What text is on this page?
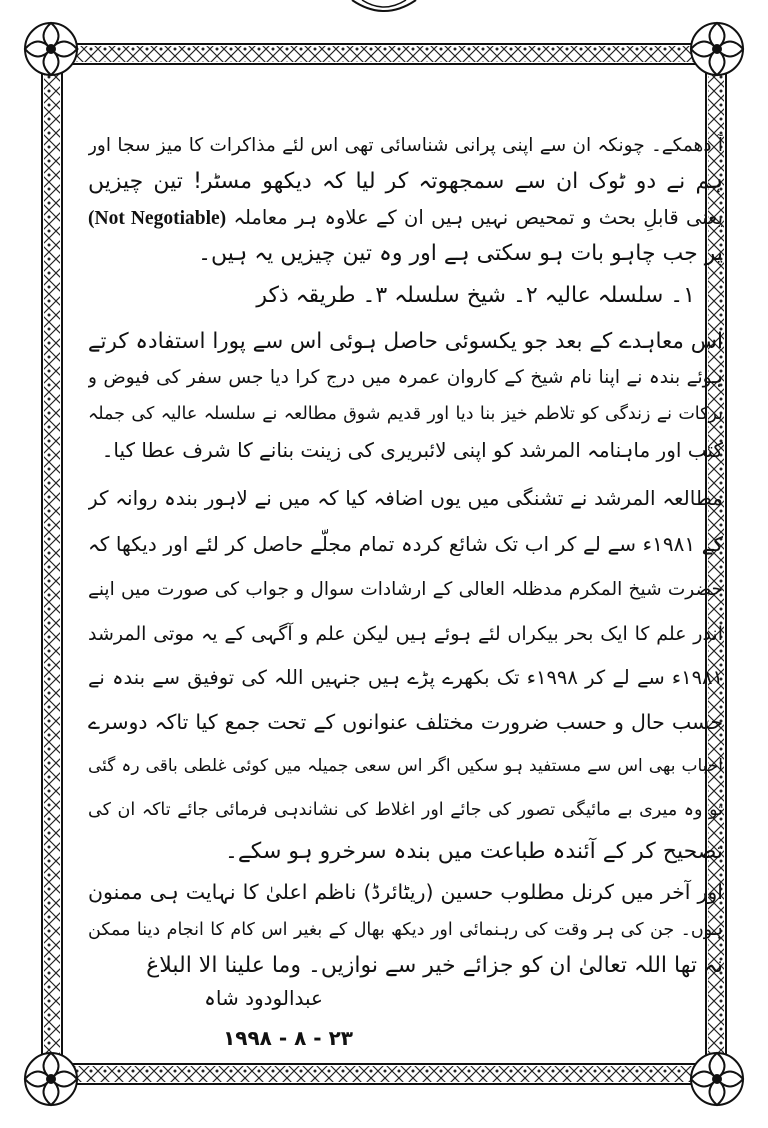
آ دھمکے۔ چونکہ ان سے اپنی پرانی شناسائی تھی اس لئے مذاکرات کا میز سجا اور
ہم نے دو ٹوک ان سے سمجھوتہ کر لیا کہ دیکھو مسٹر! تین چیزیں
یعنی قابلِ بحث و تمحیص نہیں ہیں ان کے علاوہ ہر معاملہ (Not Negotiable)
پر جب چاہو بات ہو سکتی ہے اور وہ تین چیزیں یہ ہیں۔
۱۔ سلسلہ عالیہ ۲۔ شیخ سلسلہ ۳۔ طریقہ ذکر
اس معاہدے کے بعد جو یکسوئی حاصل ہوئی اس سے پورا استفادہ کرتے
ہوئے بندہ نے اپنا نام شیخ کے کاروان عمرہ میں درج کرا دیا جس سفر کی فیوض و
برکات نے زندگی کو تلاطم خیز بنا دیا اور قدیم شوق مطالعہ نے سلسلہ عالیہ کی جملہ
کتب اور ماہنامہ المرشد کو اپنی لائبریری کی زینت بنانے کا شرف عطا کیا۔
مطالعہ المرشد نے تشنگی میں یوں اضافہ کیا کہ میں نے لاہور بندہ روانہ کر
کے ۱۹۸۱ء سے لے کر اب تک شائع کردہ تمام مجلّے حاصل کر لئے اور دیکھا کہ
حضرت شیخ المکرم مدظلہ العالی کے ارشادات سوال و جواب کی صورت میں اپنے
اندر علم کا ایک بحر بیکراں لئے ہوئے ہیں لیکن علم و آگہی کے یہ موتی المرشد
۱۹۸۱ء سے لے کر ۱۹۹۸ء تک بکھرے پڑے ہیں جنہیں اللہ کی توفیق سے بندہ نے
حسب حال و حسب ضرورت مختلف عنوانوں کے تحت جمع کیا تاکہ دوسرے
احباب بھی اس سے مستفید ہو سکیں اگر اس سعی جمیلہ میں کوئی غلطی باقی رہ گئی
تو وہ میری بے مائیگی تصور کی جائے اور اغلاط کی نشاندہی فرمائی جائے تاکہ ان کی
تصحیح کر کے آئندہ طباعت میں بندہ سرخرو ہو سکے۔
اور آخر میں کرنل مطلوب حسین (ریٹائرڈ) ناظم اعلیٰ کا نہایت ہی ممنون
ہوں۔ جن کی ہر وقت کی رہنمائی اور دیکھ بھال کے بغیر اس کام کا انجام دینا ممکن
نہ تھا اللہ تعالیٰ ان کو جزائے خیر سے نوازیں۔ وما علینا الا البلاغ
عبدالودود شاہ
۲۳ - ۸ - ۱۹۹۸
